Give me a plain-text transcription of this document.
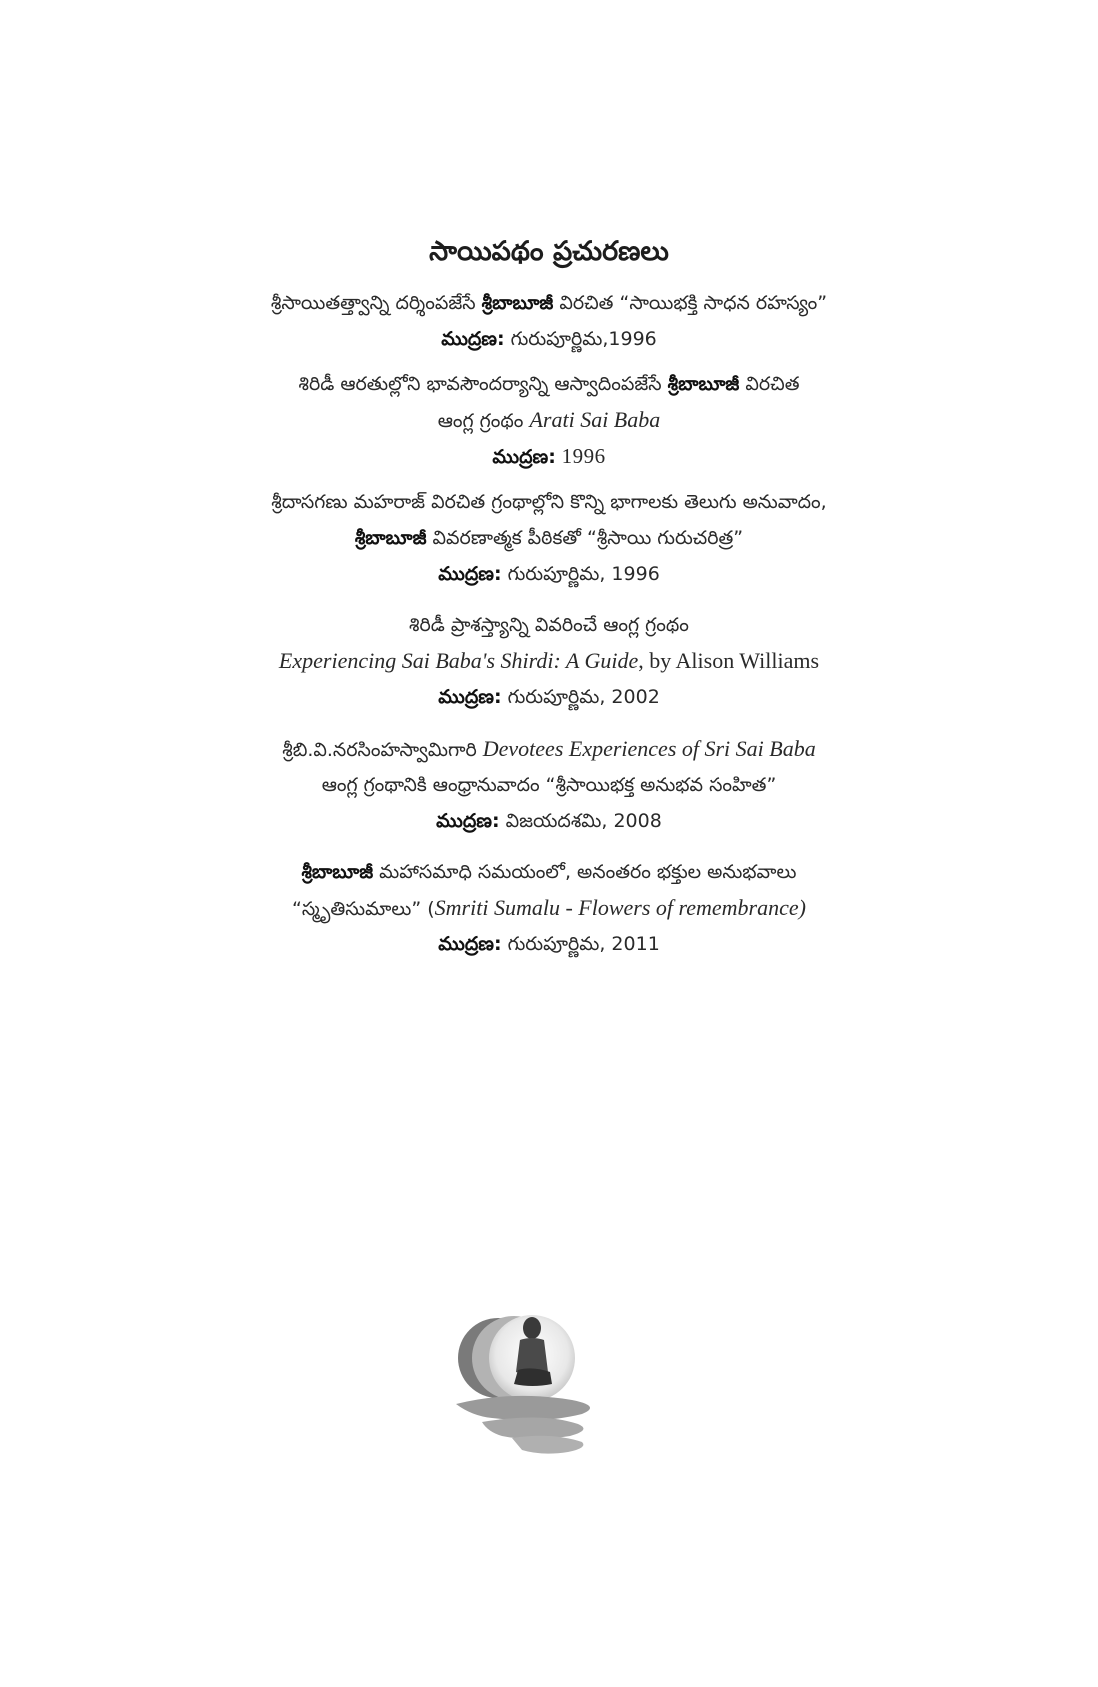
సాయిపథం ప్రచురణలు
శ్రీసాయితత్త్వాన్ని దర్శింపజేసే శ్రీబాబూజీ విరచిత “సాయిభక్తి సాధన రహస్యం”
ముద్రణ: గురుపూర్ణిమ,1996
శిరిడీ ఆరతుల్లోని భావసౌందర్యాన్ని ఆస్వాదింపజేసే శ్రీబాబూజీ విరచిత
ఆంగ్ల గ్రంథం Arati Sai Baba
ముద్రణ: 1996
శ్రీదాసగణు మహరాజ్ విరచిత గ్రంథాల్లోని కొన్ని భాగాలకు తెలుగు అనువాదం,
శ్రీబాబూజీ వివరణాత్మక పీఠికతో “శ్రీసాయి గురుచరిత్ర”
ముద్రణ: గురుపూర్ణిమ, 1996
శిరిడీ ప్రాశస్త్యాన్ని వివరించే ఆంగ్ల గ్రంథం
Experiencing Sai Baba's Shirdi: A Guide, by Alison Williams
ముద్రణ: గురుపూర్ణిమ, 2002
శ్రీబి.వి.నరసింహస్వామిగారి Devotees Experiences of Sri Sai Baba
ఆంగ్ల గ్రంథానికి ఆంధ్రానువాదం “శ్రీసాయిభక్త అనుభవ సంహిత”
ముద్రణ: విజయదశమి, 2008
శ్రీబాబూజీ మహాసమాధి సమయంలో, అనంతరం భక్తుల అనుభవాలు
“స్మృతిసుమాలు” (Smriti Sumalu - Flowers of remembrance)
ముద్రణ: గురుపూర్ణిమ, 2011
